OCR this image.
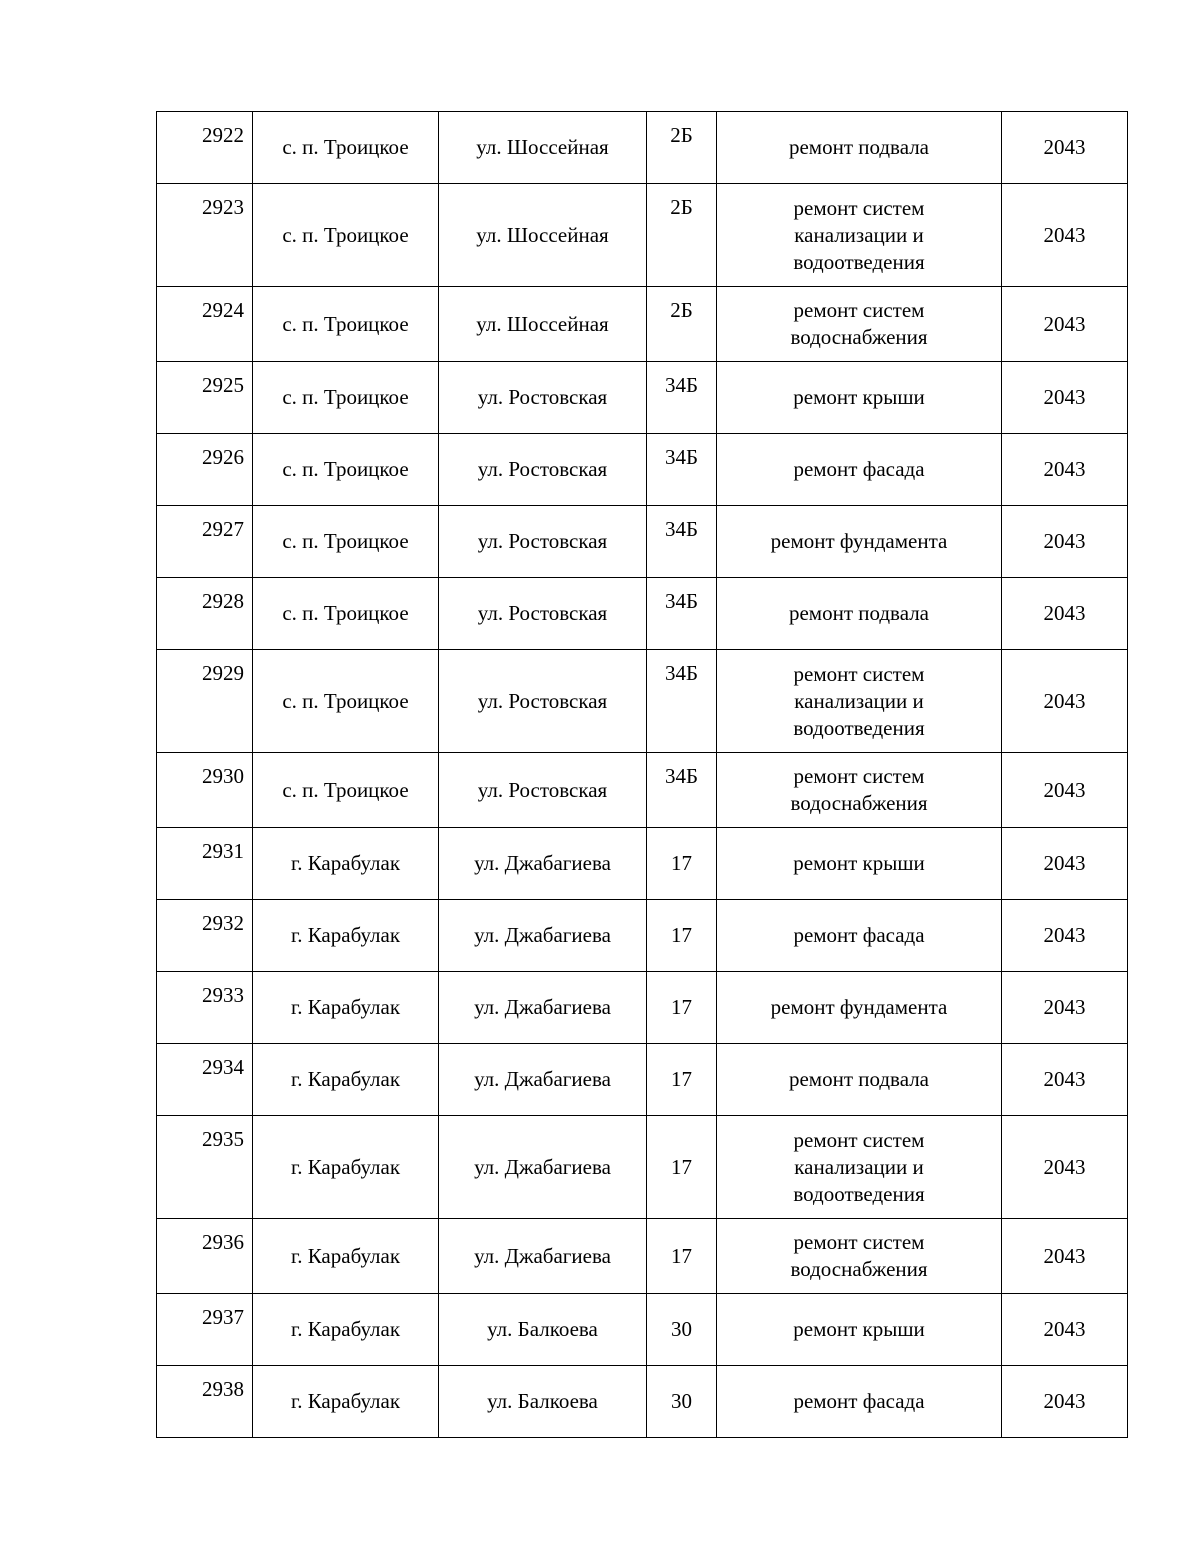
2922	с. п. Троицкое	ул. Шоссейная	2Б	ремонт подвала	2043
2923	с. п. Троицкое	ул. Шоссейная	2Б	ремонт систем канализации и водоотведения	2043
2924	с. п. Троицкое	ул. Шоссейная	2Б	ремонт систем водоснабжения	2043
2925	с. п. Троицкое	ул. Ростовская	34Б	ремонт крыши	2043
2926	с. п. Троицкое	ул. Ростовская	34Б	ремонт фасада	2043
2927	с. п. Троицкое	ул. Ростовская	34Б	ремонт фундамента	2043
2928	с. п. Троицкое	ул. Ростовская	34Б	ремонт подвала	2043
2929	с. п. Троицкое	ул. Ростовская	34Б	ремонт систем канализации и водоотведения	2043
2930	с. п. Троицкое	ул. Ростовская	34Б	ремонт систем водоснабжения	2043
2931	г. Карабулак	ул. Джабагиева	17	ремонт крыши	2043
2932	г. Карабулак	ул. Джабагиева	17	ремонт фасада	2043
2933	г. Карабулак	ул. Джабагиева	17	ремонт фундамента	2043
2934	г. Карабулак	ул. Джабагиева	17	ремонт подвала	2043
2935	г. Карабулак	ул. Джабагиева	17	ремонт систем канализации и водоотведения	2043
2936	г. Карабулак	ул. Джабагиева	17	ремонт систем водоснабжения	2043
2937	г. Карабулак	ул. Балкоева	30	ремонт крыши	2043
2938	г. Карабулак	ул. Балкоева	30	ремонт фасада	2043
